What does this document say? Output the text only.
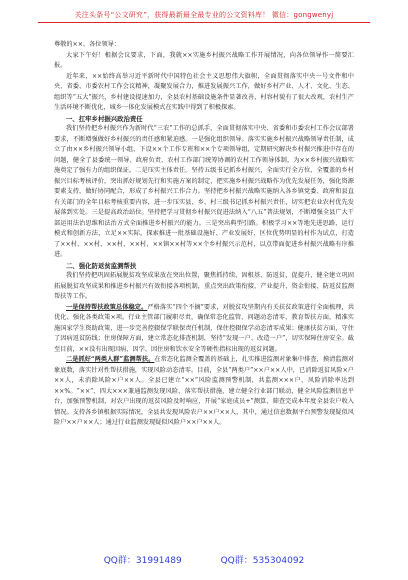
关注头条号“公文研究”，获得最新最全最专业的公文资料库！ 微信：gongwenyj

尊敬的××、各位领导：

大家下午好！根据会议要求，下面，我就××实施乡村振兴战略工作开展情况，向各位领导作一简要汇报。

近年来，××始终高举习近平新时代中国特色社会主义思想伟大旗帜，全面贯彻落实中央一号文件和中央、省委、市委农村工作会议精神，凝聚发展合力，推进发展振兴工作，做好乡村产业、人才、文化、生态、组织等“五大”振兴，乡村建设提速加力，全县农村基础设施条件显著改善，村容村貌有了很大改观，农村生产生活环境不断优化，城乡一体化发展模式在实践中得到了积极探索。

一、扛牢乡村振兴政治责任

我们坚持把乡村振兴作为新时代“三农”工作的总抓手，全面贯彻落实中央、省委和市委农村工作会议部署要求，不断增强做好乡村振兴的责任感和紧迫感。一是强化组织领导。落实实施乡村振兴战略领导责任制，成立了由××乡村振兴领导小组，下设××个工作专班和××个专项领导组，定期研究解决乡村振兴推进中存在的问题，健全了县委统一领导、政府负责、农村工作部门统筹协调的农村工作领导体制，为××乡村振兴战略实施奠定了强有力的组织保证。二是压实主体责任。坚持五级书记抓乡村振兴，全面实行全方位、全覆盖的乡村振兴目标考核评价，突出抓好规划先行和实施方案的制定，把实施乡村振兴战略作为优先发展任务，强化资源要素支持，做好协同配合，形成了乡村振兴工作合力。坚持把乡村振兴战略实施纳入各乡镇党委、政府和县直有关部门的全年目标考核重要内容，进一步压实县、乡、村三级书记抓乡村振兴责任，切实把农业农村优先发展落到实处。三是提高政治站位。坚持把学习贯彻乡村振兴促进法纳入“八五”普法规划，不断增强全县广大干部运用法治思维和法治方式全面推进乡村振兴的能力。三是突出典型引路。积极学习××等地先进思路、运行模式和创新方法，立足××实际，探索推进一批基础设施好、产业发展好、区位优势明显的村作为试点，打造了××村、××村、××村、××村、××镇××村等××个乡村振兴示范村，以点带面促进乡村振兴战略有序推进。

二、强化防返贫监测帮扶

我们坚持把巩固拓展脱贫攻坚成果放在突出位置，聚焦抓持续、固根基、防返贫、促提升，健全建立巩固拓展脱贫攻坚成果和推进乡村振兴有效衔接各项机制，重点突出政策衔接、产业提升、资金衔接、防返贫监测帮扶等工作。

一是保持帮扶政策总体稳定。严格落实“四个不摘”要求，对脱贫攻坚期内有关扶贫政策进行全面梳理，共优化、强化各类政策×项。行业主管部门履职尽责，确保常态化监管、问题动态清零，教育帮扶方面，精准实施国家学生资助政策，进一步完善控辍保学联保责任机制，保住控辍保学动态清零成果；健康扶贫方面，守住了因病返贫防线；住房保障方面，建立常态化排查机制，坚持“发现一户、改造一户”，切实保障住房安全。截至目前，××没有出现因病、因学、因住房和饮水安全等硬性指标出现的返贫问题。

二是抓好“两类人群”监测帮扶。在常态化监测全覆盖的基础上，扎实推进监测对象集中排查，摸清监测对象底数，落实针对性帮扶措施，实现风险动态清零。目前，全县“两类户”××户××人中，已消除返贫风险×户××人，未消除风险×户××人。全县已建立“××”风险监测预警机制，共监测×××户，风险消除率达到××%。“××”、四大×××兼通监测发现风险、落实帮扶措施，建立健全行业部门联动，健全风险监测信息平台，加强预警机制，对农户出现的返贫风险及时响应，开展“家庭成员+”测算，筛查完成本年度全县农户收入情况。支持各乡镇根据实际情况，全县共发现风险农户××户××人，其中，通过信息数据平台预警发现疑似风险户××户××人；通过行业监测发现疑似风险户××户××人。

QQ群：31991489	QQ群：535304092
